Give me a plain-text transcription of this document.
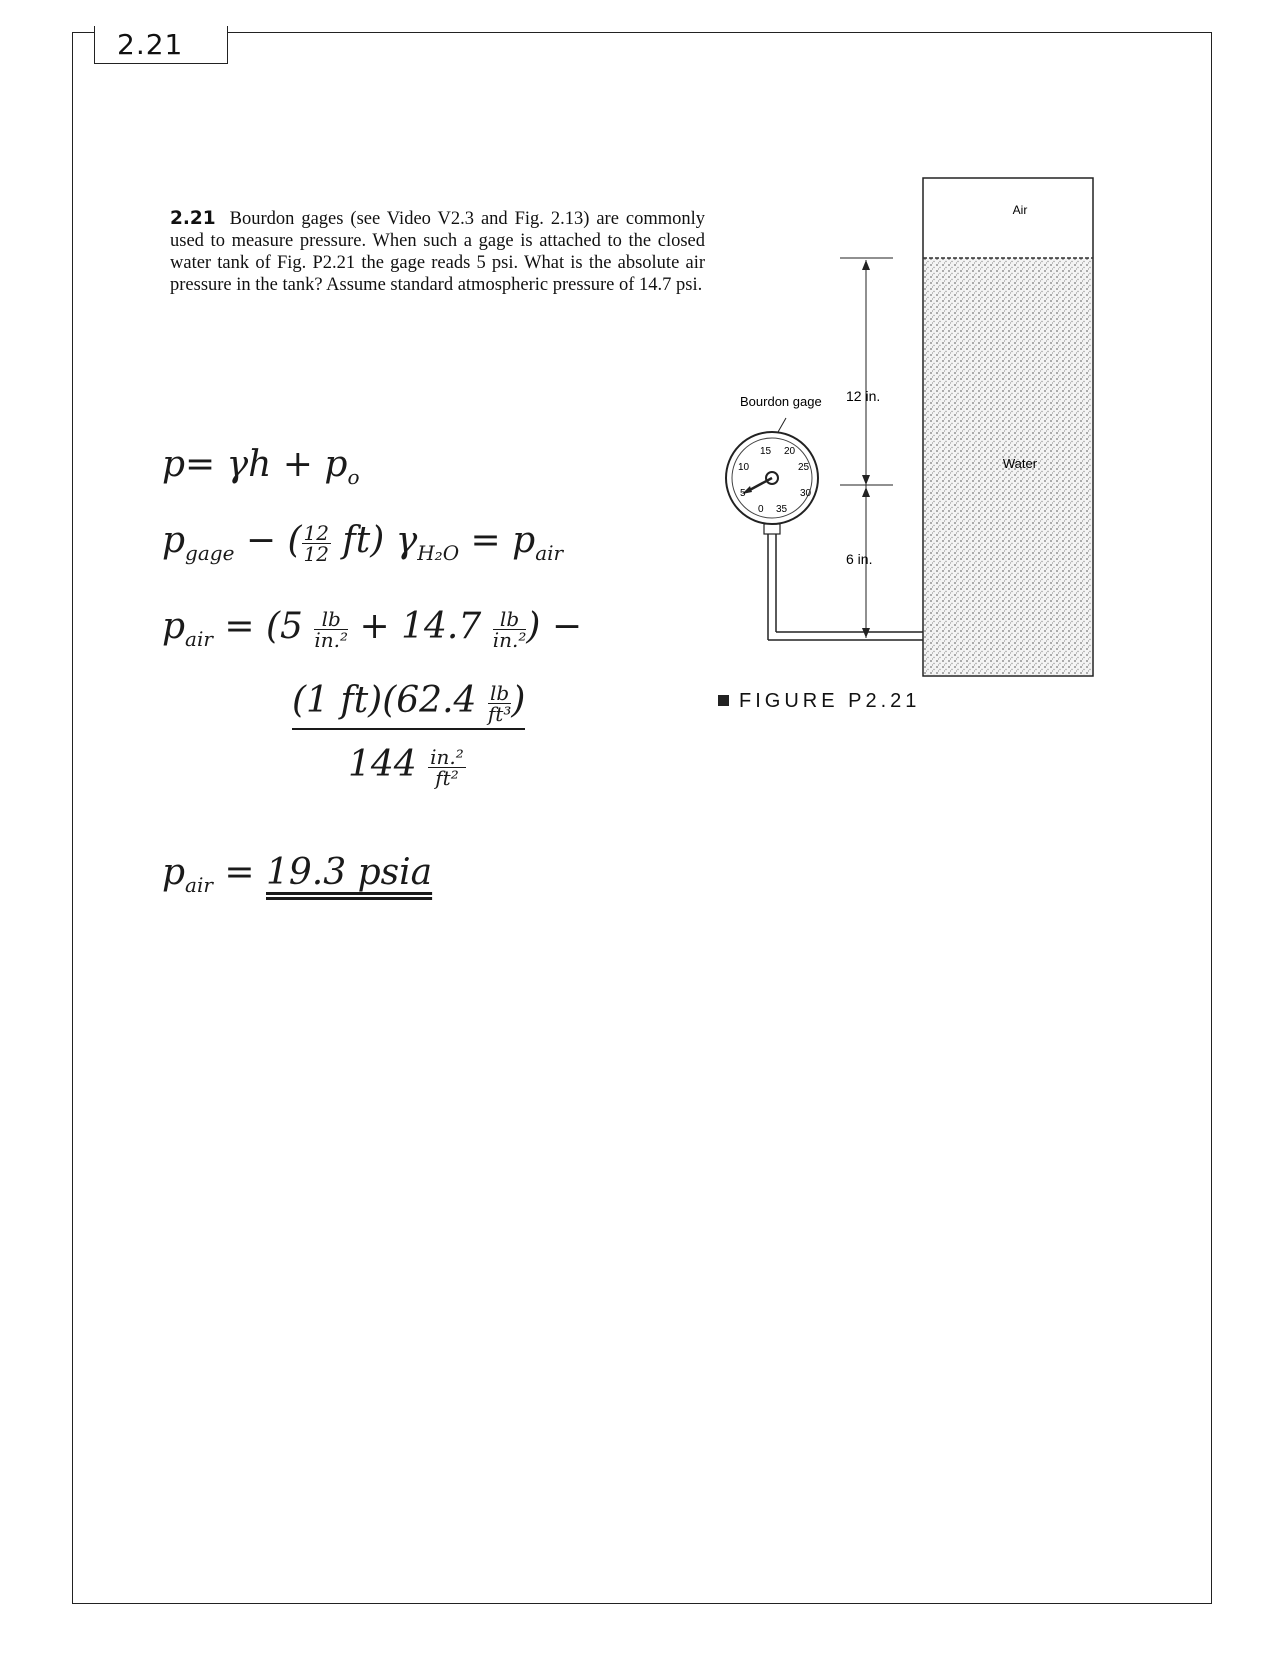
2.21
2.21 Bourdon gages (see Video V2.3 and Fig. 2.13) are commonly used to measure pressure. When such a gage is attached to the closed water tank of Fig. P2.21 the gage reads 5 psi. What is the absolute air pressure in the tank? Assume standard atmospheric pressure of 14.7 psi.
Air
Water
12 in.
6 in.
15 20
25
30
35
0
5
10
Bourdon gage
FIGURE P2.21
$p= \gamma h + p_o$
$p_{gage}$ − ( $\frac{12}{12} ft$) $\gamma_{H_2O} = p_{air}$
$p_{air} = (5 \frac{lb}{\text{in.²}} + 14.7 \frac{lb}{\text{in.²}}$ ) −
(1 $ft)(62.4 \frac{lb}{\text{ft³}}$ )
$144 \frac{\text{in.²}}{\text{ft²}}$
$p_{air} = 19.3$ psia
